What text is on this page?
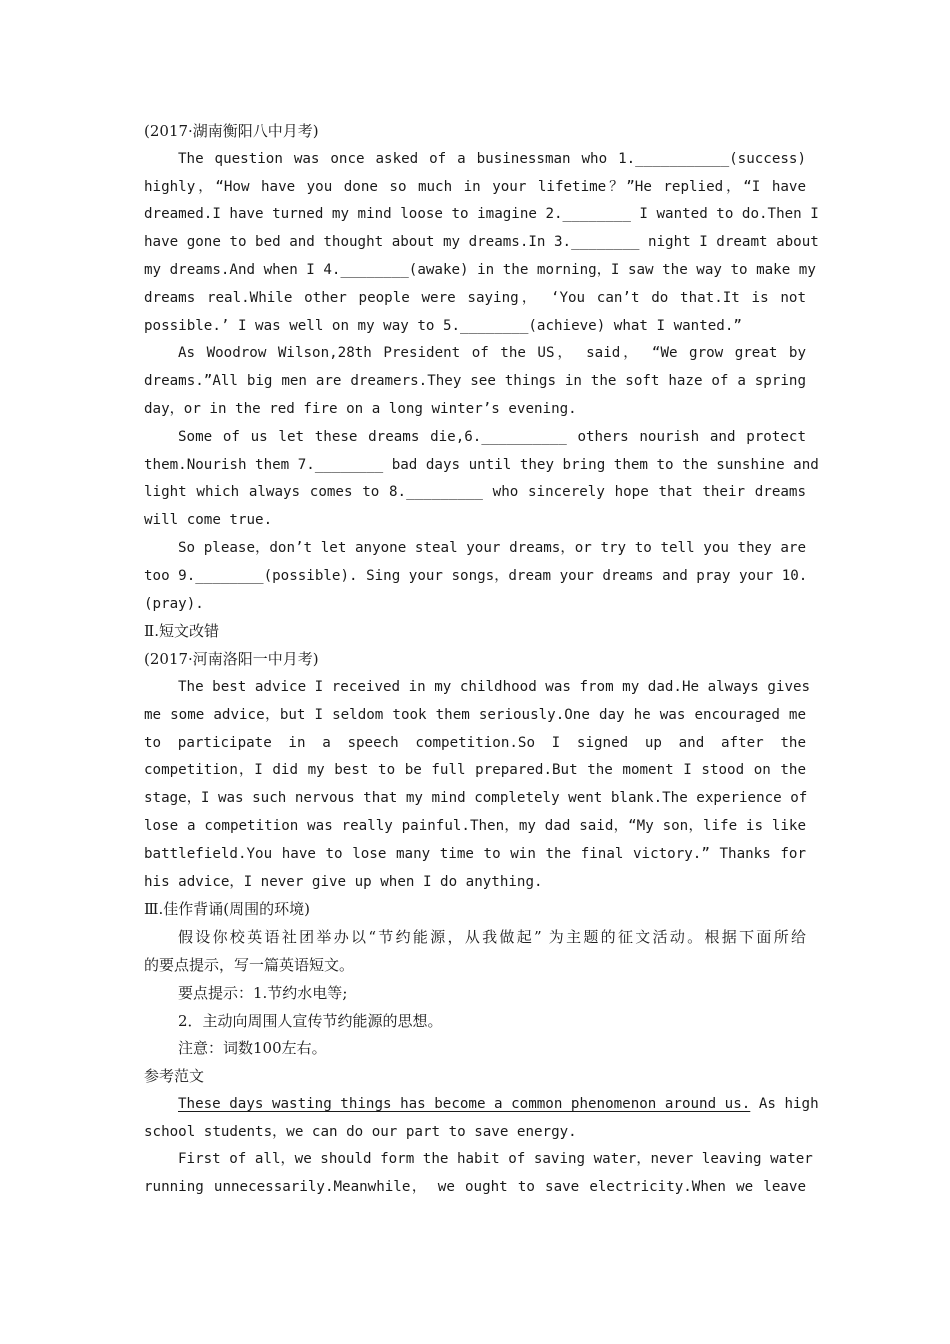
(2017·湖南衡阳八中月考)
The question was once asked of a businessman who 1.___________(success)
highly，“How have you done so much in your lifetime？”He replied，“I have
dreamed.I have turned my mind loose to imagine 2.________ I wanted to do.Then I
have gone to bed and thought about my dreams.In 3.________ night I dreamt about
my dreams.And when I 4.________(awake) in the morning，I saw the way to make my
dreams real.While other people were saying， ‘You can’t do that.It is not
possible.’ I was well on my way to 5.________(achieve) what I wanted.”
As Woodrow Wilson,28th President of the US， said， “We grow great by
dreams.”All big men are dreamers.They see things in the soft haze of a spring
day，or in the red fire on a long winter’s evening.
Some of us let these dreams die,6.__________ others nourish and protect
them.Nourish them 7.________ bad days until they bring them to the sunshine and
light which always comes to 8._________ who sincerely hope that their dreams
will come true.
So please，don’t let anyone steal your dreams，or try to tell you they are
too 9.________(possible). Sing your songs，dream your dreams and pray your 10.
(pray).
Ⅱ.短文改错
(2017·河南洛阳一中月考)
The best advice I received in my childhood was from my dad.He always gives
me some advice，but I seldom took them seriously.One day he was encouraged me
to participate in a speech competition.So I signed up and after the
competition，I did my best to be full prepared.But the moment I stood on the
stage，I was such nervous that my mind completely went blank.The experience of
lose a competition was really painful.Then，my dad said，“My son，life is like
battlefield.You have to lose many time to win the final victory.” Thanks for
his advice，I never give up when I do anything.
Ⅲ.佳作背诵(周围的环境)
假设你校英语社团举办以“节约能源，从我做起” 为主题的征文活动。根据下面所给
的要点提示，写一篇英语短文。
要点提示：1.节约水电等;
2．主动向周围人宣传节约能源的思想。
注意：词数100左右。
参考范文
These days wasting things has become a common phenomenon around us. As high
school students，we can do our part to save energy.
First of all，we should form the habit of saving water，never leaving water
running unnecessarily.Meanwhile， we ought to save electricity.When we leave
